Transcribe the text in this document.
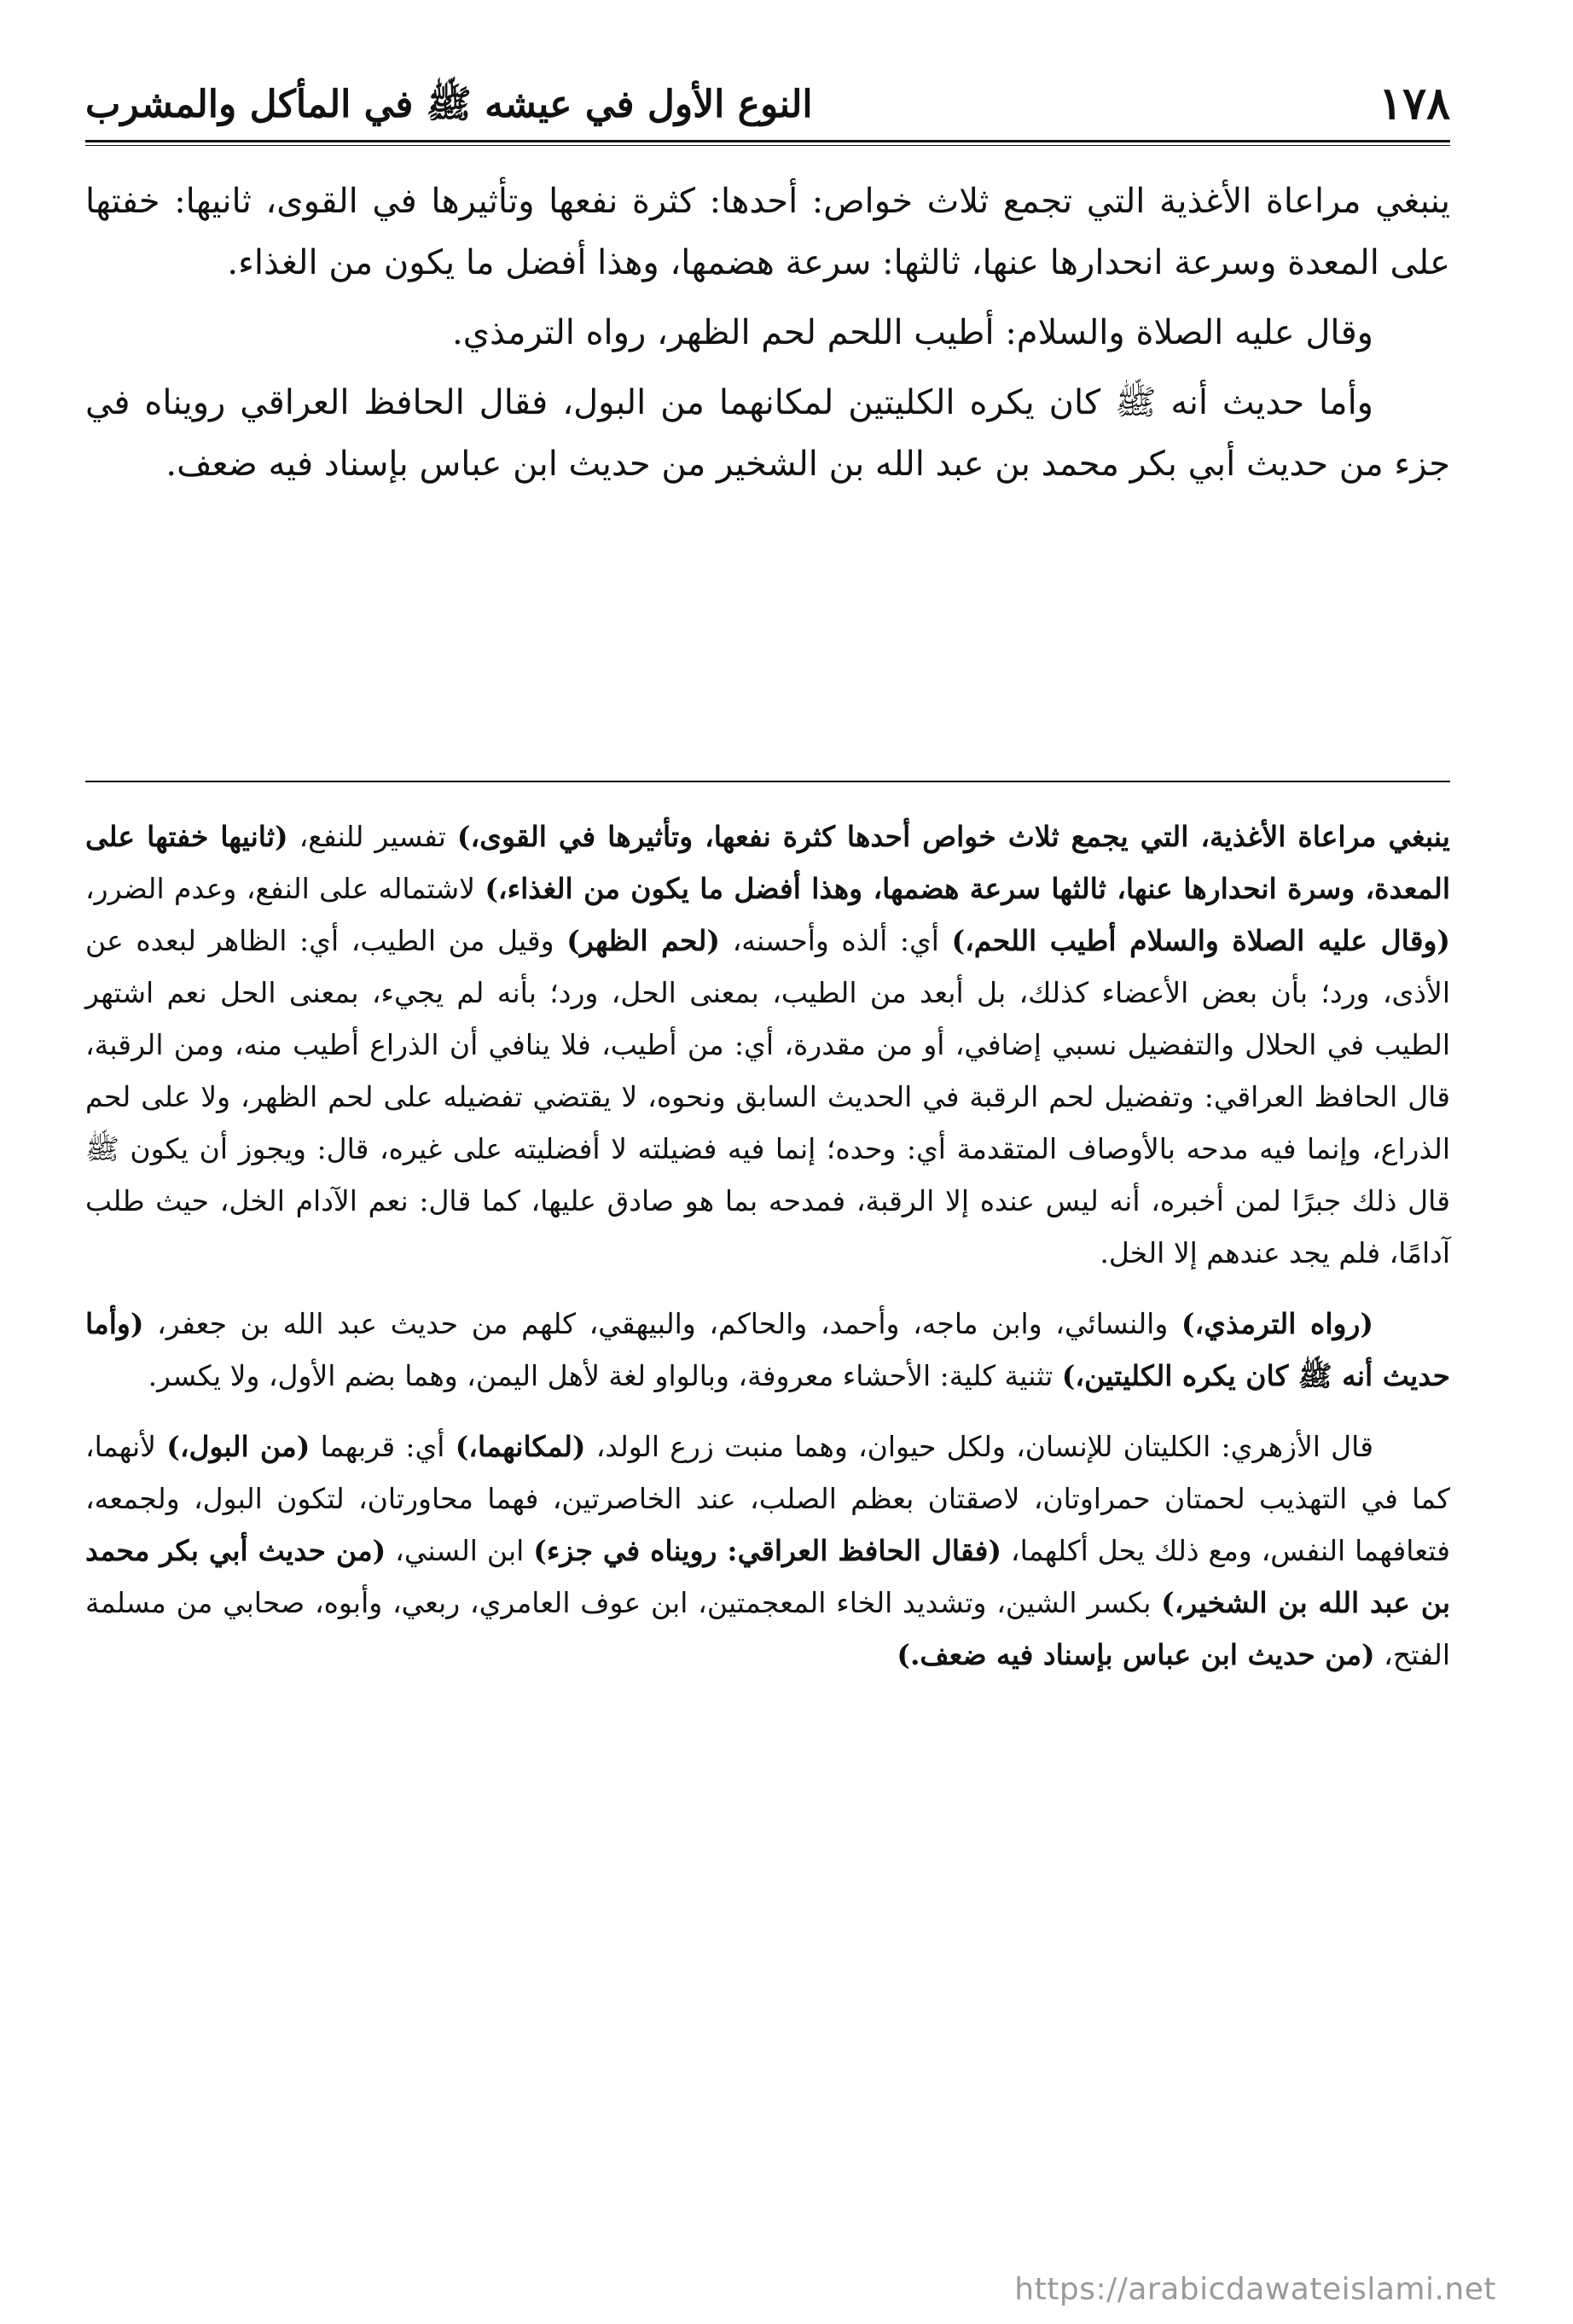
١٧٨
النوع الأول في عيشه ﷺ في المأكل والمشرب

ينبغي مراعاة الأغذية التي تجمع ثلاث خواص: أحدها: كثرة نفعها وتأثيرها في القوى، ثانيها: خفتها على المعدة وسرعة انحدارها عنها، ثالثها: سرعة هضمها، وهذا أفضل ما يكون من الغذاء.

وقال عليه الصلاة والسلام: أطيب اللحم لحم الظهر، رواه الترمذي.

وأما حديث أنه ﷺ كان يكره الكليتين لمكانهما من البول، فقال الحافظ العراقي رويناه في جزء من حديث أبي بكر محمد بن عبد الله بن الشخير من حديث ابن عباس بإسناد فيه ضعف.

ينبغي مراعاة الأغذية، التي يجمع ثلاث خواص أحدها كثرة نفعها، وتأثيرها في القوى،) تفسير للنفع، (ثانيها خفتها على المعدة، وسرة انحدارها عنها، ثالثها سرعة هضمها، وهذا أفضل ما يكون من الغذاء،) لاشتماله على النفع، وعدم الضرر، (وقال عليه الصلاة والسلام أطيب اللحم،) أي: ألذه وأحسنه، (لحم الظهر) وقيل من الطيب، أي: الظاهر لبعده عن الأذى، ورد؛ بأن بعض الأعضاء كذلك، بل أبعد من الطيب، بمعنى الحل، ورد؛ بأنه لم يجيء، بمعنى الحل نعم اشتهر الطيب في الحلال والتفضيل نسبي إضافي، أو من مقدرة، أي: من أطيب، فلا ينافي أن الذراع أطيب منه، ومن الرقبة، قال الحافظ العراقي: وتفضيل لحم الرقبة في الحديث السابق ونحوه، لا يقتضي تفضيله على لحم الظهر، ولا على لحم الذراع، وإنما فيه مدحه بالأوصاف المتقدمة أي: وحده؛ إنما فيه فضيلته لا أفضليته على غيره، قال: ويجوز أن يكون ﷺ قال ذلك جبرًا لمن أخبره، أنه ليس عنده إلا الرقبة، فمدحه بما هو صادق عليها، كما قال: نعم الآدام الخل، حيث طلب آدامًا، فلم يجد عندهم إلا الخل.

(رواه الترمذي،) والنسائي، وابن ماجه، وأحمد، والحاكم، والبيهقي، كلهم من حديث عبد الله بن جعفر، (وأما حديث أنه ﷺ كان يكره الكليتين،) تثنية كلية: الأحشاء معروفة، وبالواو لغة لأهل اليمن، وهما بضم الأول، ولا يكسر.

قال الأزهري: الكليتان للإنسان، ولكل حيوان، وهما منبت زرع الولد، (لمكانهما،) أي: قربهما (من البول،) لأنهما، كما في التهذيب لحمتان حمراوتان، لاصقتان بعظم الصلب، عند الخاصرتين، فهما محاورتان، لتكون البول، ولجمعه، فتعافهما النفس، ومع ذلك يحل أكلهما، (فقال الحافظ العراقي: رويناه في جزء) ابن السني، (من حديث أبي بكر محمد بن عبد الله بن الشخير،) بكسر الشين، وتشديد الخاء المعجمتين، ابن عوف العامري، ربعي، وأبوه، صحابي من مسلمة الفتح، (من حديث ابن عباس بإسناد فيه ضعف.)

https://arabicdawateislami.net
